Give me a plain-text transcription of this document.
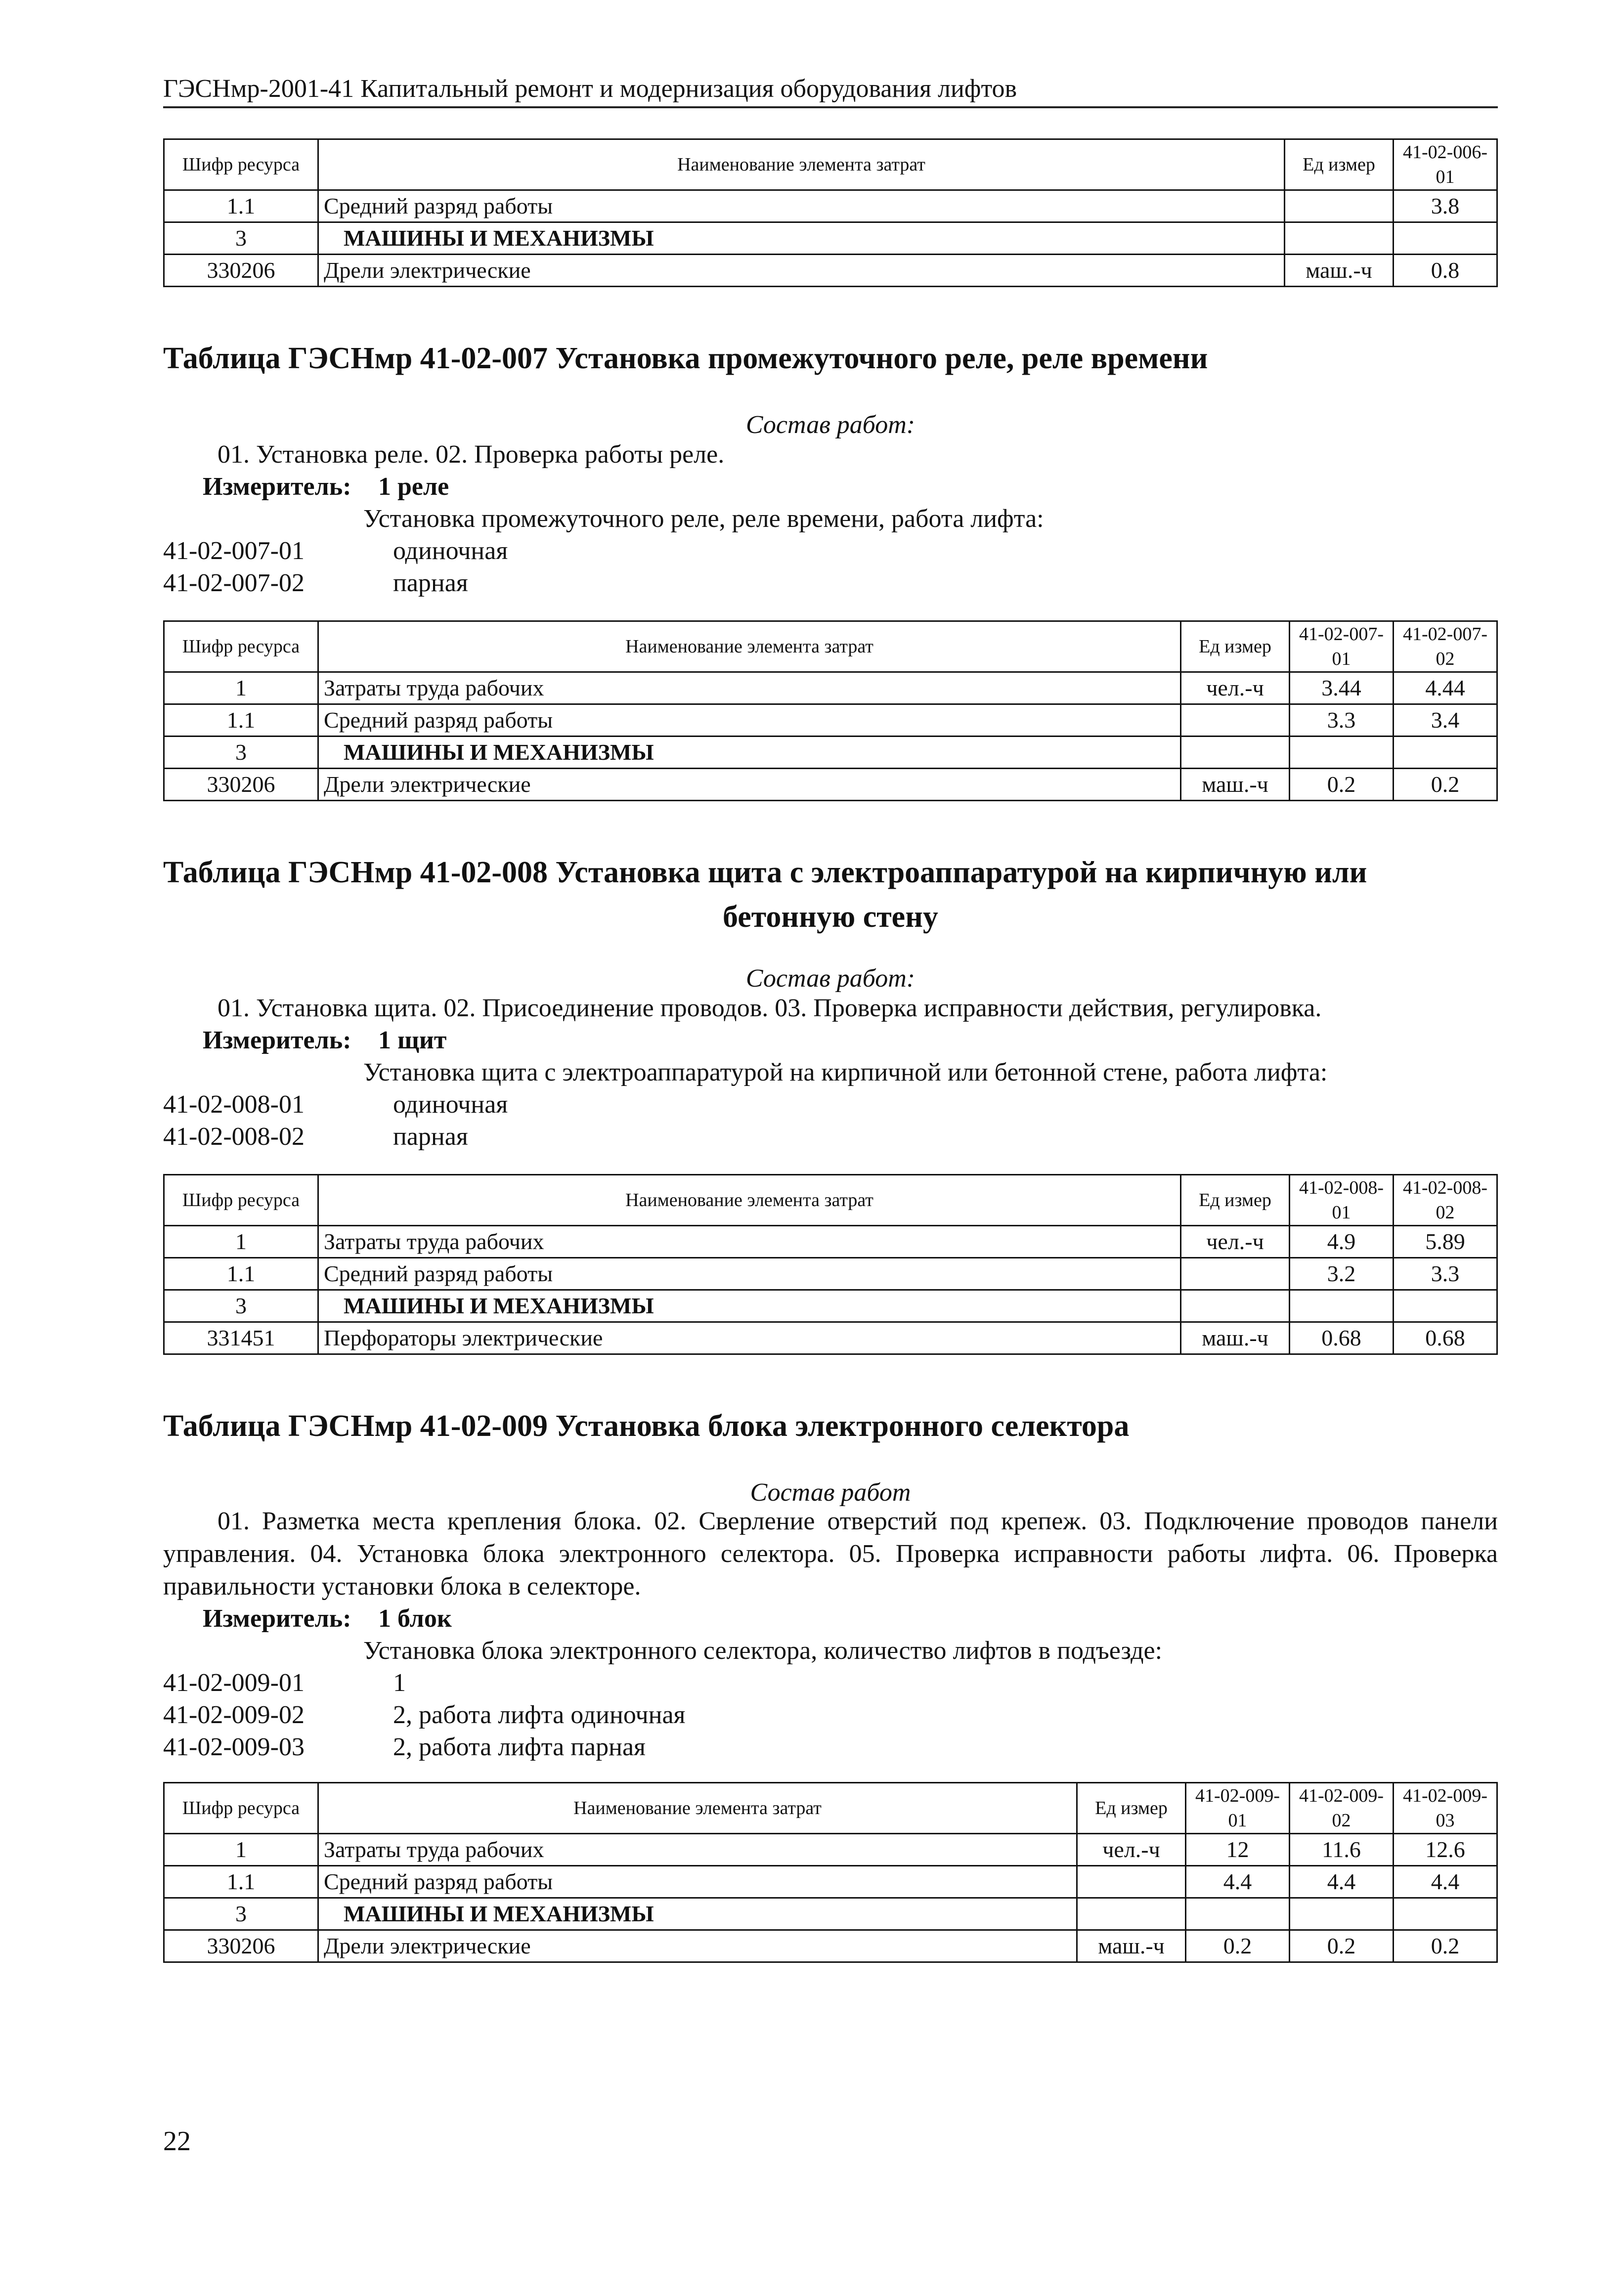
ГЭСНмр-2001-41 Капитальный ремонт и модернизация оборудования лифтов
Шифр ресурса	Наименование элемента затрат	Ед измер	41-02-006-01
1.1	Средний разряд работы		3.8
3	МАШИНЫ И МЕХАНИЗМЫ		
330206	Дрели электрические	маш.-ч	0.8
Таблица ГЭСНмр 41-02-007 Установка промежуточного реле, реле времени
Состав работ:
01. Установка реле. 02. Проверка работы реле.
Измеритель: 1 реле
Установка промежуточного реле, реле времени, работа лифта:
41-02-007-01	одиночная
41-02-007-02	парная
Шифр ресурса	Наименование элемента затрат	Ед измер	41-02-007-01	41-02-007-02
1	Затраты труда рабочих	чел.-ч	3.44	4.44
1.1	Средний разряд работы		3.3	3.4
3	МАШИНЫ И МЕХАНИЗМЫ			
330206	Дрели электрические	маш.-ч	0.2	0.2
Таблица ГЭСНмр 41-02-008 Установка щита с электроаппаратурой на кирпичную или
бетонную стену
Состав работ:
01. Установка щита. 02. Присоединение проводов. 03. Проверка исправности действия, регулировка.
Измеритель: 1 щит
Установка щита с электроаппаратурой на кирпичной или бетонной стене, работа лифта:
41-02-008-01	одиночная
41-02-008-02	парная
Шифр ресурса	Наименование элемента затрат	Ед измер	41-02-008-01	41-02-008-02
1	Затраты труда рабочих	чел.-ч	4.9	5.89
1.1	Средний разряд работы		3.2	3.3
3	МАШИНЫ И МЕХАНИЗМЫ			
331451	Перфораторы электрические	маш.-ч	0.68	0.68
Таблица ГЭСНмр 41-02-009 Установка блока электронного селектора
Состав работ
01. Разметка места крепления блока. 02. Сверление отверстий под крепеж. 03. Подключение проводов панели управления. 04. Установка блока электронного селектора. 05. Проверка исправности работы лифта. 06. Проверка правильности установки блока в селекторе.
Измеритель: 1 блок
Установка блока электронного селектора, количество лифтов в подъезде:
41-02-009-01	1
41-02-009-02	2, работа лифта одиночная
41-02-009-03	2, работа лифта парная
Шифр ресурса	Наименование элемента затрат	Ед измер	41-02-009-01	41-02-009-02	41-02-009-03
1	Затраты труда рабочих	чел.-ч	12	11.6	12.6
1.1	Средний разряд работы		4.4	4.4	4.4
3	МАШИНЫ И МЕХАНИЗМЫ				
330206	Дрели электрические	маш.-ч	0.2	0.2	0.2
22
